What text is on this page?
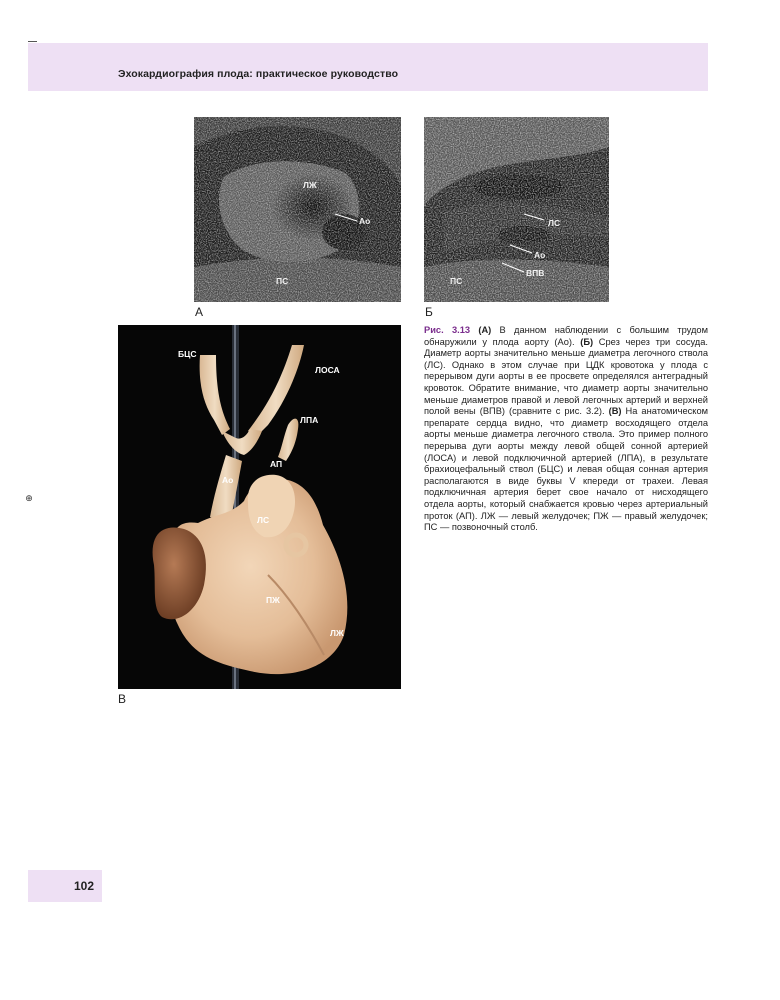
Эхокардиография плода: практическое руководство
ЛЖ
Ао
ПС
А
ЛС
Ао
ВПВ
ПС
Б
БЦС
ЛОСА
ЛПА
АП
Ао
ЛС
ПЖ
ЛЖ
В
Рис. 3.13 (А) В данном наблюдении с большим трудом обнаружили у плода аорту (Ао). (Б) Срез через три сосуда. Диаметр аорты значительно меньше диаметра легочного ствола (ЛС). Однако в этом случае при ЦДК кровотока у плода с перерывом дуги аорты в ее просвете определялся антеградный кровоток. Обратите внимание, что диаметр аорты значительно меньше диаметров правой и левой легочных артерий и верхней полой вены (ВПВ) (сравните с рис. 3.2). (В) На анатомическом препарате сердца видно, что диаметр восходящего отдела аорты меньше диаметра легочного ствола. Это пример полного перерыва дуги аорты между левой общей сонной артерией (ЛОСА) и левой подключичной артерией (ЛПА), в результате брахиоцефальный ствол (БЦС) и левая общая сонная артерия располагаются в виде буквы V кпереди от трахеи. Левая подключичная артерия берет свое начало от нисходящего отдела аорты, который снабжается кровью через артериальный проток (АП). ЛЖ — левый желудочек; ПЖ — правый желудочек; ПС — позвоночный столб.
⊕
102
